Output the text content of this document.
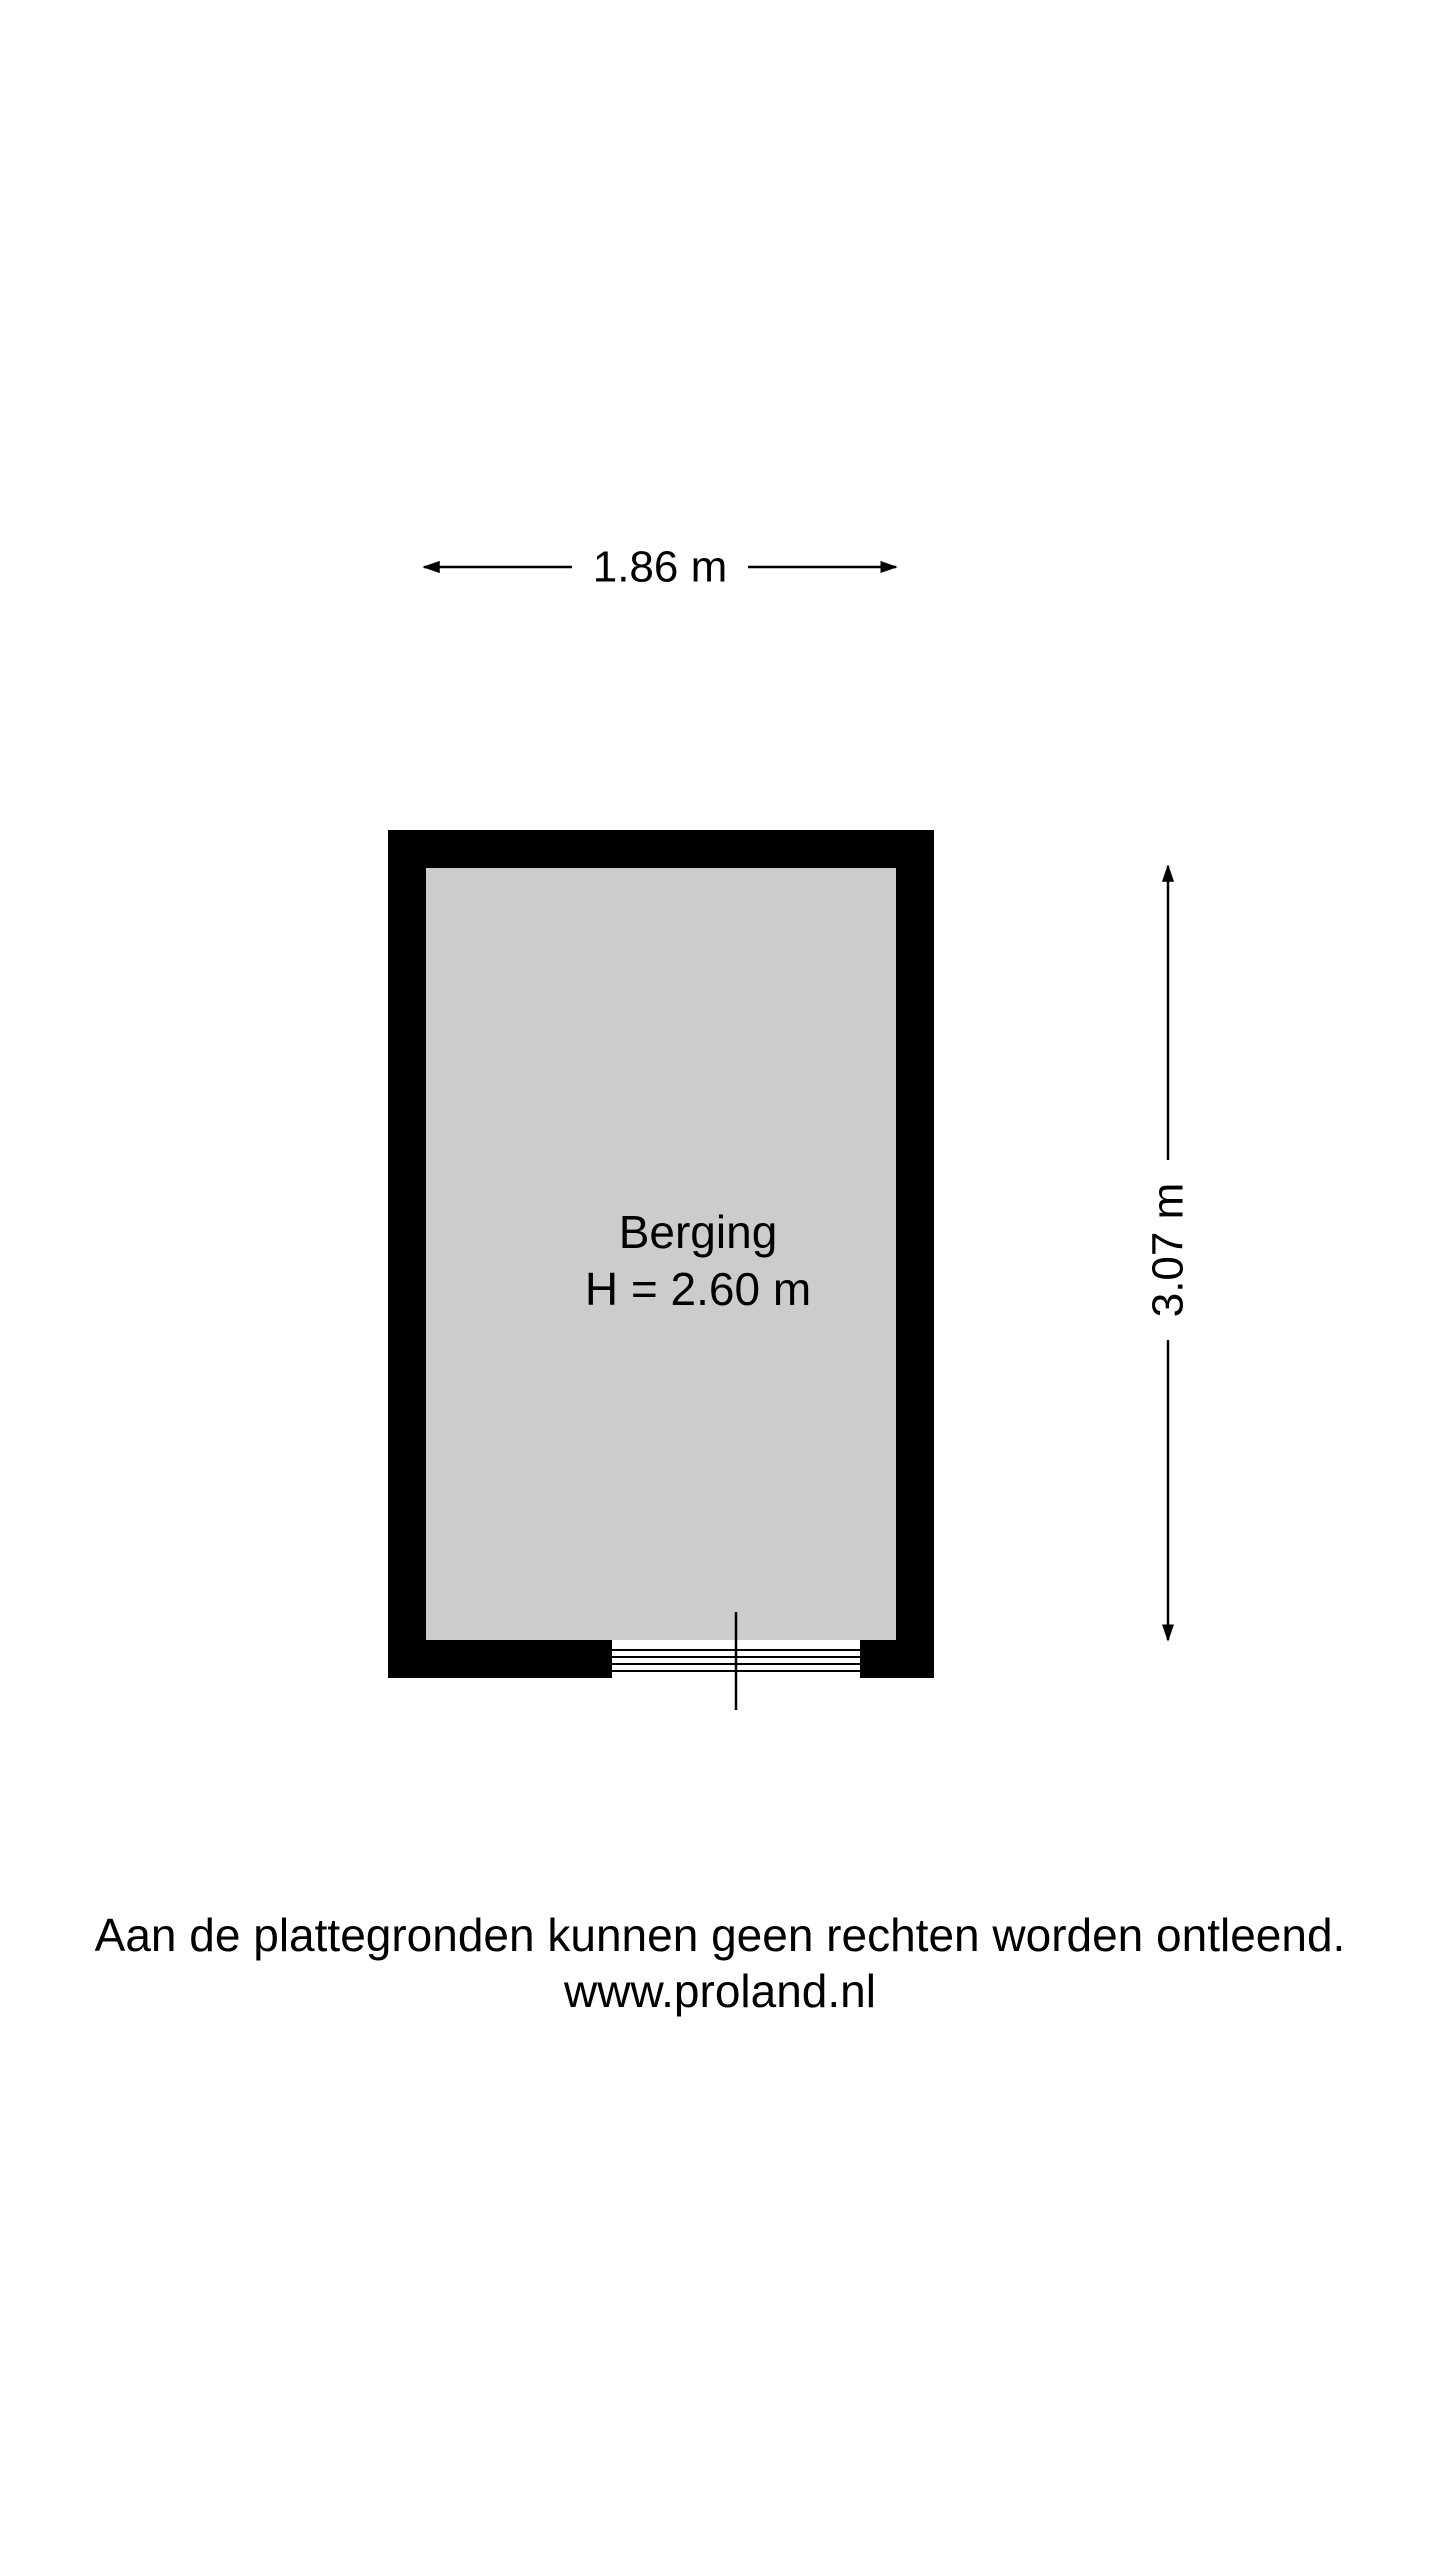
1.86 m
3.07 m
Berging
H = 2.60 m
Aan de plattegronden kunnen geen rechten worden ontleend.
www.proland.nl
